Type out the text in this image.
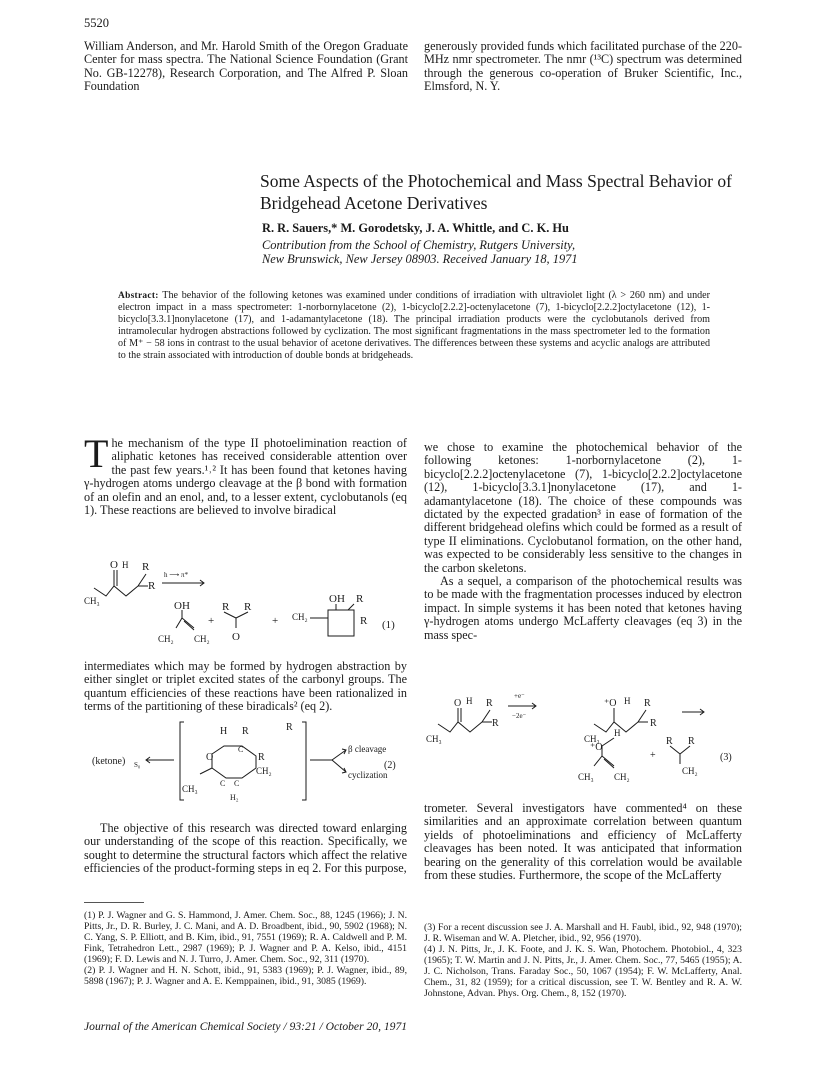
5520

William Anderson, and Mr. Harold Smith of the Oregon Graduate Center for mass spectra. The National Science Foundation (Grant No. GB-12278), Research Corporation, and The Alfred P. Sloan Foundation

generously provided funds which facilitated purchase of the 220-MHz nmr spectrometer. The nmr (¹³C) spectrum was determined through the generous co-operation of Bruker Scientific, Inc., Elmsford, N. Y.

Some Aspects of the Photochemical and Mass Spectral Behavior of Bridgehead Acetone Derivatives
R. R. Sauers,* M. Gorodetsky, J. A. Whittle, and C. K. Hu
Contribution from the School of Chemistry, Rutgers University,
New Brunswick, New Jersey 08903. Received January 18, 1971
Abstract: The behavior of the following ketones was examined under conditions of irradiation with ultraviolet light (λ > 260 nm) and under electron impact in a mass spectrometer: 1-norbornylacetone (2), 1-bicyclo[2.2.2]-octenylacetone (7), 1-bicyclo[2.2.2]octylacetone (12), 1-bicyclo[3.3.1]nonylacetone (17), and 1-adamantylacetone (18). The principal irradiation products were the cyclobutanols derived from intramolecular hydrogen abstractions followed by cyclization. The most significant fragmentations in the mass spectrometer led to the formation of M⁺ − 58 ions in contrast to the usual behavior of acetone derivatives. The differences between these systems and acyclic analogs are attributed to the strain associated with introduction of double bonds at bridgeheads.

The mechanism of the type II photoelimination reaction of aliphatic ketones has received considerable attention over the past few years.¹˒² It has been found that ketones having γ-hydrogen atoms undergo cleavage at the β bond with formation of an olefin and an enol, and, to a lesser extent, cyclobutanols (eq 1). These reactions are believed to involve biradical

O H R
R
CH₃
h ⟶ π*
OH
CH₂ CH₂
+
R R
O
+ CH₂
OH R
R (1)

intermediates which may be formed by hydrogen abstraction by either singlet or triplet excited states of the carbonyl groups. The quantum efficiencies of these reactions have been rationalized in terms of the partitioning of these biradicals² (eq 2).

(ketone) S₀
H R
O
C
R
CH₂
C C
CH₃
H₂
R
β cleavage
cyclization
(2)

The objective of this research was directed toward enlarging our understanding of the scope of this reaction. Specifically, we sought to determine the structural factors which affect the relative efficiencies of the product-forming steps in eq 2. For this purpose,

we chose to examine the photochemical behavior of the following ketones: 1-norbornylacetone (2), 1-bicyclo[2.2.2]octenylacetone (7), 1-bicyclo[2.2.2]octylacetone (12), 1-bicyclo[3.3.1]nonylacetone (17), and 1-adamantylacetone (18). The choice of these compounds was dictated by the expected gradation³ in ease of formation of the different bridgehead olefins which could be formed as a result of type II eliminations. Cyclobutanol formation, on the other hand, was expected to be considerably less sensitive to the changes in the carbon skeletons.

As a sequel, a comparison of the photochemical results was to be made with the fragmentation processes induced by electron impact. In simple systems it has been noted that ketones having γ-hydrogen atoms undergo McLafferty cleavages (eq 3) in the mass spec-

O H R
R
CH₃
+e⁻
−2e⁻
⁺O H R
R
CH₃
⁺O
H
CH₃ CH₂
+
R R
CH₂
(3)

trometer. Several investigators have commented⁴ on these similarities and an approximate correlation between quantum yields of photoeliminations and efficiency of McLafferty cleavages has been noted. It was anticipated that information bearing on the generality of this correlation would be available from these studies. Furthermore, the scope of the McLafferty

(1) P. J. Wagner and G. S. Hammond, J. Amer. Chem. Soc., 88, 1245 (1966); J. N. Pitts, Jr., D. R. Burley, J. C. Mani, and A. D. Broadbent, ibid., 90, 5902 (1968); N. C. Yang, S. P. Elliott, and B. Kim, ibid., 91, 7551 (1969); R. A. Caldwell and P. M. Fink, Tetrahedron Lett., 2987 (1969); P. J. Wagner and P. A. Kelso, ibid., 4151 (1969); F. D. Lewis and N. J. Turro, J. Amer. Chem. Soc., 92, 311 (1970).

(2) P. J. Wagner and H. N. Schott, ibid., 91, 5383 (1969); P. J. Wagner, ibid., 89, 5898 (1967); P. J. Wagner and A. E. Kemppainen, ibid., 91, 3085 (1969).

(3) For a recent discussion see J. A. Marshall and H. Faubl, ibid., 92, 948 (1970); J. R. Wiseman and W. A. Pletcher, ibid., 92, 956 (1970).

(4) J. N. Pitts, Jr., J. K. Foote, and J. K. S. Wan, Photochem. Photobiol., 4, 323 (1965); T. W. Martin and J. N. Pitts, Jr., J. Amer. Chem. Soc., 77, 5465 (1955); A. J. C. Nicholson, Trans. Faraday Soc., 50, 1067 (1954); F. W. McLafferty, Anal. Chem., 31, 82 (1959); for a critical discussion, see T. W. Bentley and R. A. W. Johnstone, Advan. Phys. Org. Chem., 8, 152 (1970).

Journal of the American Chemical Society / 93:21 / October 20, 1971
